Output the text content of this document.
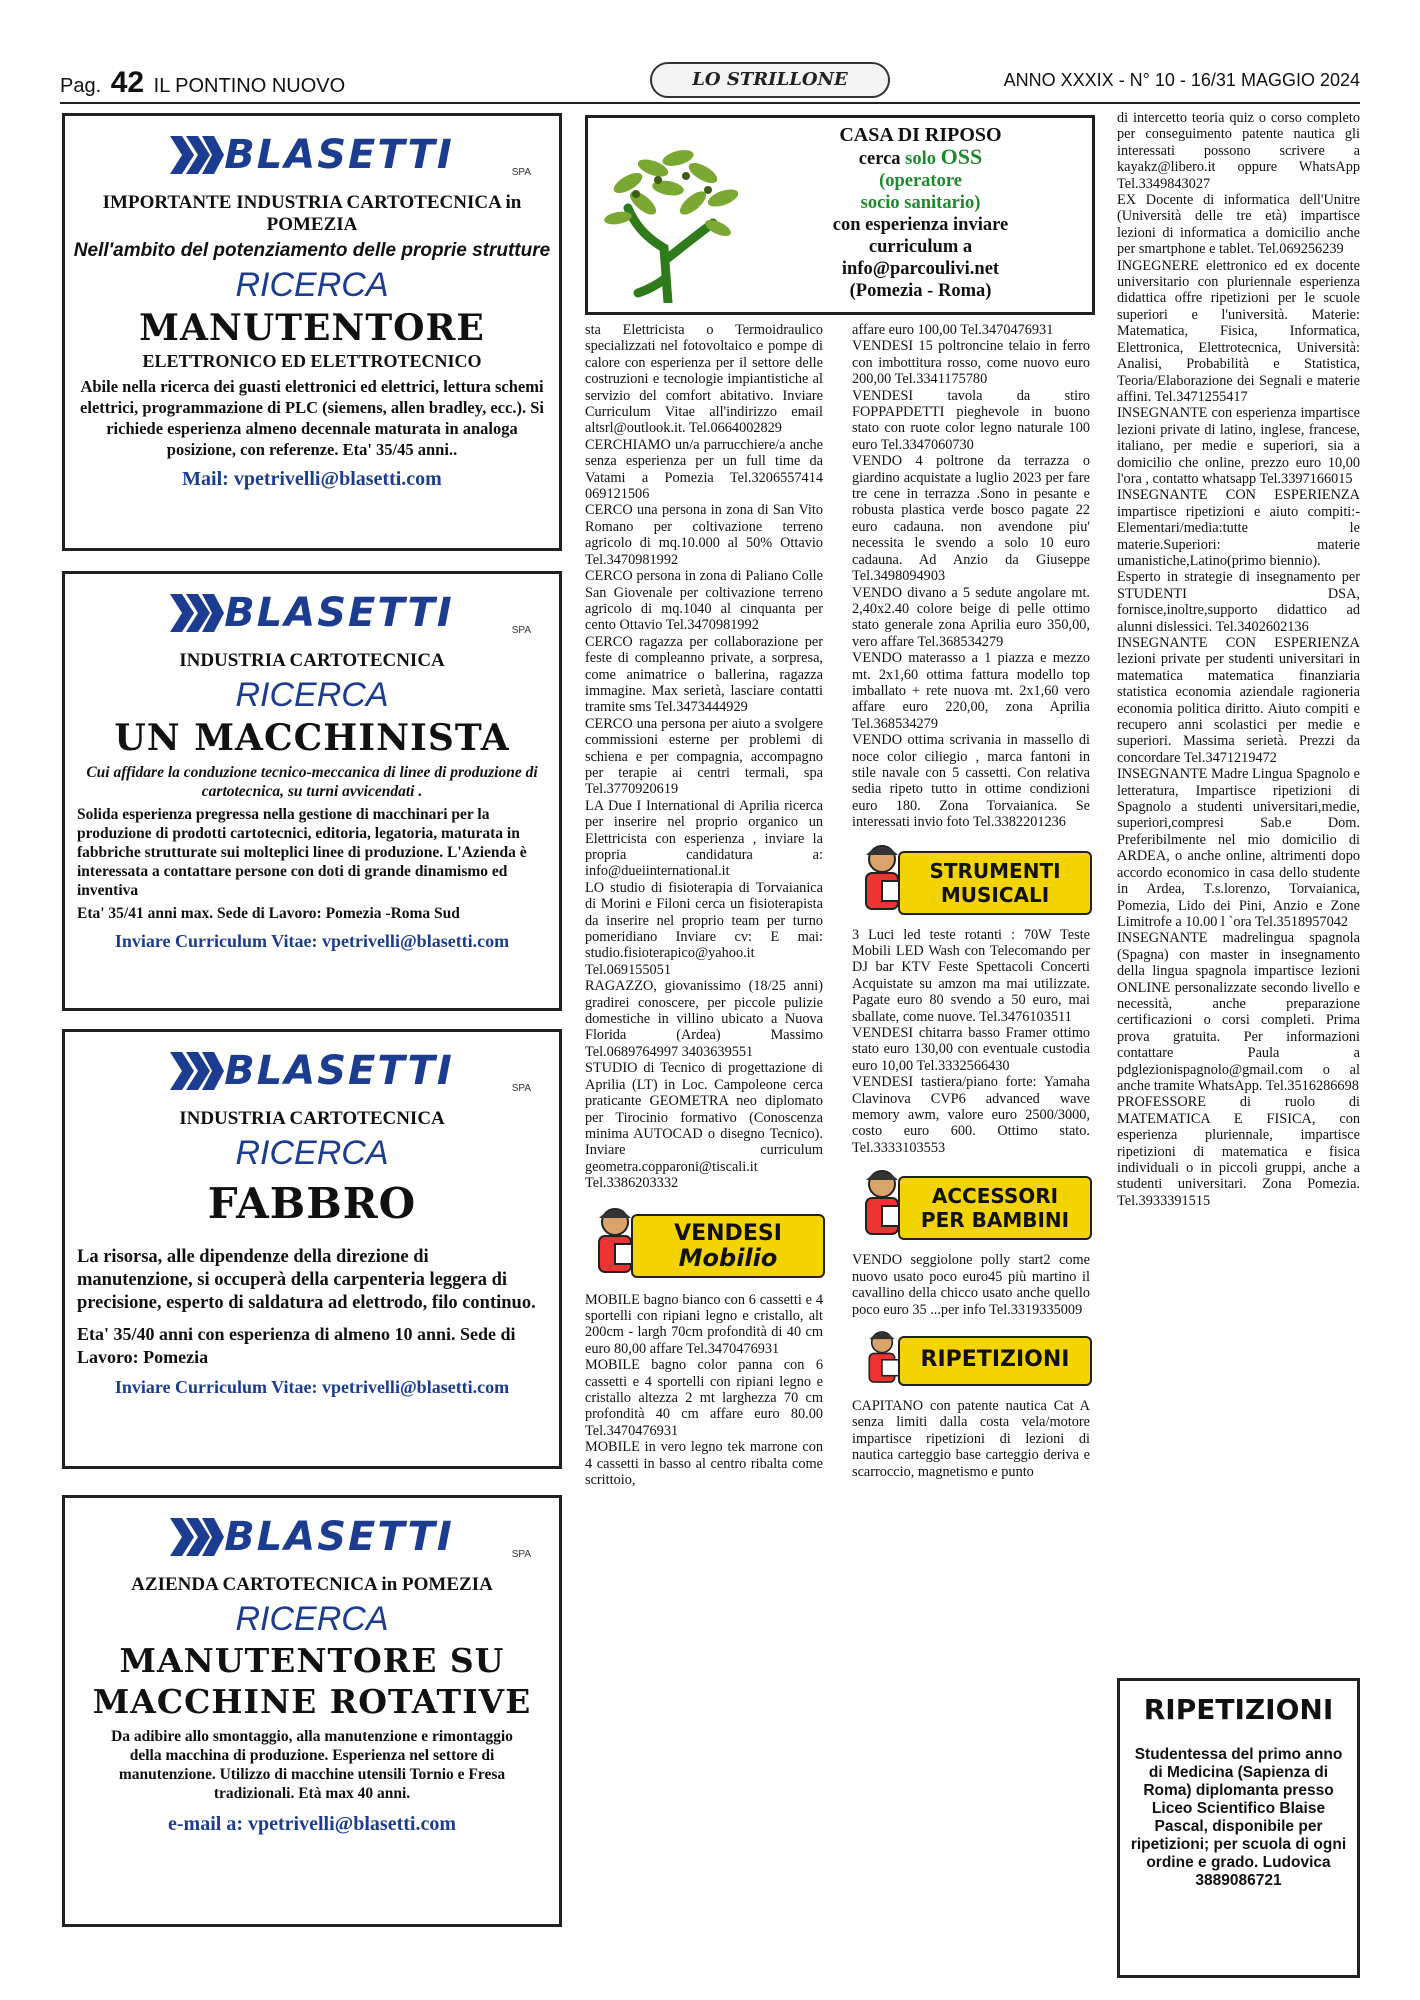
Pag. 42 IL PONTINO NUOVO	LO STRILLONE	ANNO XXXIX - N° 10 - 16/31 MAGGIO 2024
BLASETTI	SPA
IMPORTANTE INDUSTRIA CARTOTECNICA in POMEZIA
Nell'ambito del potenziamento delle proprie strutture
RICERCA
MANUTENTORE
ELETTRONICO ED ELETTROTECNICO
Abile nella ricerca dei guasti elettronici ed elettrici, lettura schemi elettrici, programmazione di PLC (siemens, allen bradley, ecc.). Si richiede esperienza almeno decennale maturata in analoga posizione, con referenze. Eta' 35/45 anni..
Mail: vpetrivelli@blasetti.com
BLASETTI	SPA
INDUSTRIA CARTOTECNICA
RICERCA
UN MACCHINISTA
Cui affidare la conduzione tecnico-meccanica di linee di produzione di cartotecnica, su turni avvicendati .
Solida esperienza pregressa nella gestione di macchinari per la produzione di prodotti cartotecnici, editoria, legatoria, maturata in fabbriche strutturate sui molteplici linee di produzione. L'Azienda è interessata a contattare persone con doti di grande dinamismo ed inventiva
Eta' 35/41 anni max. Sede di Lavoro: Pomezia -Roma Sud
Inviare Curriculum Vitae: vpetrivelli@blasetti.com
BLASETTI	SPA
INDUSTRIA CARTOTECNICA
RICERCA
FABBRO
La risorsa, alle dipendenze della direzione di manutenzione, si occuperà della carpenteria leggera di precisione, esperto di saldatura ad elettrodo, filo continuo.
Eta' 35/40 anni con esperienza di almeno 10 anni. Sede di Lavoro: Pomezia
Inviare Curriculum Vitae: vpetrivelli@blasetti.com
BLASETTI	SPA
AZIENDA CARTOTECNICA in POMEZIA
RICERCA
MANUTENTORE SU
MACCHINE ROTATIVE
Da adibire allo smontaggio, alla manutenzione e rimontaggio della macchina di produzione. Esperienza nel settore di manutenzione. Utilizzo di macchine utensili Tornio e Fresa tradizionali. Età max 40 anni.
e-mail a: vpetrivelli@blasetti.com
CASA DI RIPOSO
cerca solo OSS
(operatore
socio sanitario)
con esperienza inviare
curriculum a
info@parcoulivi.net
(Pomezia - Roma)

sta Elettricista o Termoidraulico specializzati nel fotovoltaico e pompe di calore con esperienza per il settore delle costruzioni e tecnologie impiantistiche al servizio del comfort abitativo. Inviare Curriculum Vitae all'indirizzo email altsrl@outlook.it. Tel.0664002829

CERCHIAMO un/a parrucchiere/a anche senza esperienza per un full time da Vatami a Pomezia Tel.3206557414 069121506

CERCO una persona in zona di San Vito Romano per coltivazione terreno agricolo di mq.10.000 al 50% Ottavio Tel.3470981992

CERCO persona in zona di Paliano Colle San Giovenale per coltivazione terreno agricolo di mq.1040 al cinquanta per cento Ottavio Tel.3470981992

CERCO ragazza per collaborazione per feste di compleanno private, a sorpresa, come animatrice o ballerina, ragazza immagine. Max serietà, lasciare contatti tramite sms Tel.3473444929

CERCO una persona per aiuto a svolgere commissioni esterne per problemi di schiena e per compagnia, accompagno per terapie ai centri termali, spa Tel.3770920619

LA Due I International di Aprilia ricerca per inserire nel proprio organico un Elettricista con esperienza , inviare la propria candidatura a: info@dueiinternational.it

LO studio di fisioterapia di Torvaianica di Morini e Filoni cerca un fisioterapista da inserire nel proprio team per turno pomeridiano Inviare cv: E mai: studio.fisioterapico@yahoo.it Tel.069155051

RAGAZZO, giovanissimo (18/25 anni) gradirei conoscere, per piccole pulizie domestiche in villino ubicato a Nuova Florida (Ardea) Massimo Tel.0689764997 3403639551

STUDIO di Tecnico di progettazione di Aprilia (LT) in Loc. Campoleone cerca praticante GEOMETRA neo diplomato per Tirocinio formativo (Conoscenza minima AUTOCAD o disegno Tecnico). Inviare curriculum geometra.copparoni@tiscali.it Tel.3386203332

VENDESI
Mobilio

MOBILE bagno bianco con 6 cassetti e 4 sportelli con ripiani legno e cristallo, alt 200cm - largh 70cm profondità di 40 cm euro 80,00 affare Tel.3470476931

MOBILE bagno color panna con 6 cassetti e 4 sportelli con ripiani legno e cristallo altezza 2 mt larghezza 70 cm profondità 40 cm affare euro 80.00 Tel.3470476931

MOBILE in vero legno tek marrone con 4 cassetti in basso al centro ribalta come scrittoio,

affare euro 100,00 Tel.3470476931

VENDESI 15 poltroncine telaio in ferro con imbottitura rosso, come nuovo euro 200,00 Tel.3341175780

VENDESI tavola da stiro FOPPAPDETTI pieghevole in buono stato con ruote color legno naturale 100 euro Tel.3347060730

VENDO 4 poltrone da terrazza o giardino acquistate a luglio 2023 per fare tre cene in terrazza .Sono in pesante e robusta plastica verde bosco pagate 22 euro cadauna. non avendone piu' necessita le svendo a solo 10 euro cadauna. Ad Anzio da Giuseppe Tel.3498094903

VENDO divano a 5 sedute angolare mt. 2,40x2.40 colore beige di pelle ottimo stato generale zona Aprilia euro 350,00, vero affare Tel.368534279

VENDO materasso a 1 piazza e mezzo mt. 2x1,60 ottima fattura modello top imballato + rete nuova mt. 2x1,60 vero affare euro 220,00, zona Aprilia Tel.368534279

VENDO ottima scrivania in massello di noce color ciliegio , marca fantoni in stile navale con 5 cassetti. Con relativa sedia ripeto tutto in ottime condizioni euro 180. Zona Torvaianica. Se interessati invio foto Tel.3382201236

STRUMENTI
MUSICALI

3 Luci led teste rotanti : 70W Teste Mobili LED Wash con Telecomando per DJ bar KTV Feste Spettacoli Concerti Acquistate su amzon ma mai utilizzate. Pagate euro 80 svendo a 50 euro, mai sballate, come nuove. Tel.3476103511

VENDESI chitarra basso Framer ottimo stato euro 130,00 con eventuale custodia euro 10,00 Tel.3332566430

VENDESI tastiera/piano forte: Yamaha Clavinova CVP6 advanced wave memory awm, valore euro 2500/3000, costo euro 600. Ottimo stato. Tel.3333103553

ACCESSORI
PER BAMBINI

VENDO seggiolone polly start2 come nuovo usato poco euro45 più martino il cavallino della chicco usato anche quello poco euro 35 ...per info Tel.3319335009

RIPETIZIONI

CAPITANO con patente nautica Cat A senza limiti dalla costa vela/motore impartisce ripetizioni di lezioni di nautica carteggio base carteggio deriva e scarroccio, magnetismo e punto

di intercetto teoria quiz o corso completo per conseguimento patente nautica gli interessati possono scrivere a kayakz@libero.it oppure WhatsApp Tel.3349843027

EX Docente di informatica dell'Unitre (Università delle tre età) impartisce lezioni di informatica a domicilio anche per smartphone e tablet. Tel.069256239

INGEGNERE elettronico ed ex docente universitario con pluriennale esperienza didattica offre ripetizioni per le scuole superiori e l'università. Materie: Matematica, Fisica, Informatica, Elettronica, Elettrotecnica, Università: Analisi, Probabilità e Statistica, Teoria/Elaborazione dei Segnali e materie affini. Tel.3471255417

INSEGNANTE con esperienza impartisce lezioni private di latino, inglese, francese, italiano, per medie e superiori, sia a domicilio che online, prezzo euro 10,00 l'ora , contatto whatsapp Tel.3397166015

INSEGNANTE CON ESPERIENZA impartisce ripetizioni e aiuto compiti:-Elementari/media:tutte le materie.Superiori: materie umanistiche,Latino(primo biennio).

Esperto in strategie di insegnamento per STUDENTI DSA, fornisce,inoltre,supporto didattico ad alunni dislessici. Tel.3402602136

INSEGNANTE CON ESPERIENZA lezioni private per studenti universitari in matematica matematica finanziaria statistica economia aziendale ragioneria economia politica diritto. Aiuto compiti e recupero anni scolastici per medie e superiori. Massima serietà. Prezzi da concordare Tel.3471219472

INSEGNANTE Madre Lingua Spagnolo e letteratura, Impartisce ripetizioni di Spagnolo a studenti universitari,medie, superiori,compresi Sab.e Dom. Preferibilmente nel mio domicilio di ARDEA, o anche online, altrimenti dopo accordo economico in casa dello studente in Ardea, T.s.lorenzo, Torvaianica, Pomezia, Lido dei Pini, Anzio e Zone Limitrofe a 10.00 l `ora Tel.3518957042

INSEGNANTE madrelingua spagnola (Spagna) con master in insegnamento della lingua spagnola impartisce lezioni ONLINE personalizzate secondo livello e necessità, anche preparazione certificazioni o corsi completi. Prima prova gratuita. Per informazioni contattare Paula a pdglezionispagnolo@gmail.com o al anche tramite WhatsApp. Tel.3516286698

PROFESSORE di ruolo di MATEMATICA E FISICA, con esperienza pluriennale, impartisce ripetizioni di matematica e fisica individuali o in piccoli gruppi, anche a studenti universitari. Zona Pomezia. Tel.3933391515

RIPETIZIONI
Studentessa del primo anno di Medicina (Sapienza di Roma) diplomanta presso Liceo Scientifico Blaise Pascal, disponibile per ripetizioni; per scuola di ogni ordine e grado. Ludovica 3889086721
